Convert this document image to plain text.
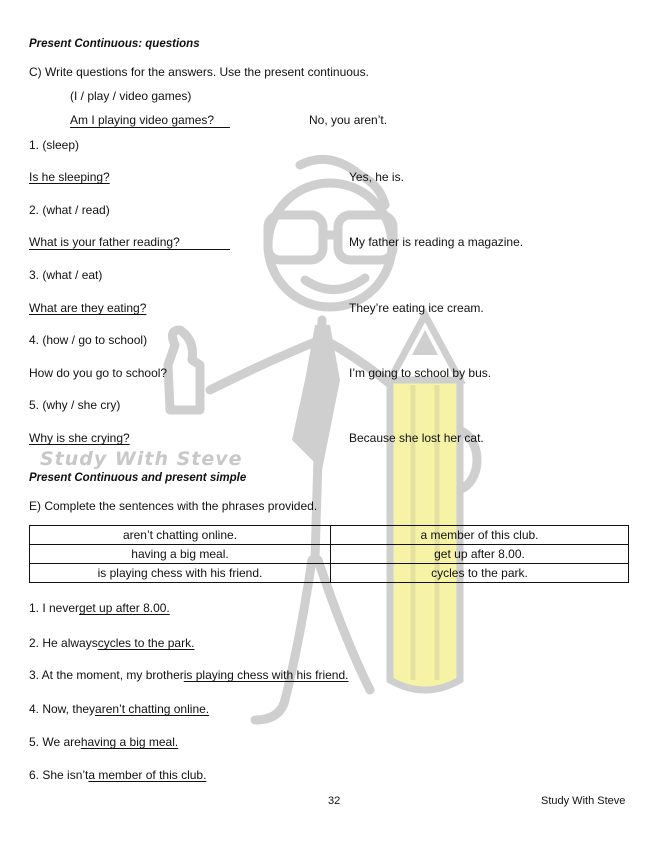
Study With Steve
Present Continuous: questions
C) Write questions for the answers. Use the present continuous.
(I / play / video games)
Am I playing video games?	No, you aren’t.
1. (sleep)
Is he sleeping?	Yes, he is.
2. (what / read)
What is your father reading?	My father is reading a magazine.
3. (what / eat)
What are they eating?	They’re eating ice cream.
4. (how / go to school)
How do you go to school?	I’m going to school by bus.
5. (why / she cry)
Why is she crying?	Because she lost her cat.
Present Continuous and present simple
E) Complete the sentences with the phrases provided.
aren’t chatting online.	a member of this club.
having a big meal.	get up after 8.00.
is playing chess with his friend.	cycles to the park.
1. I neverget up after 8.00.
2. He alwayscycles to the park.
3. At the moment, my brotheris playing chess with his friend.
4. Now, theyaren’t chatting online.
5. We arehaving a big meal.
6. She isn’ta member of this club.
32	Study With Steve
